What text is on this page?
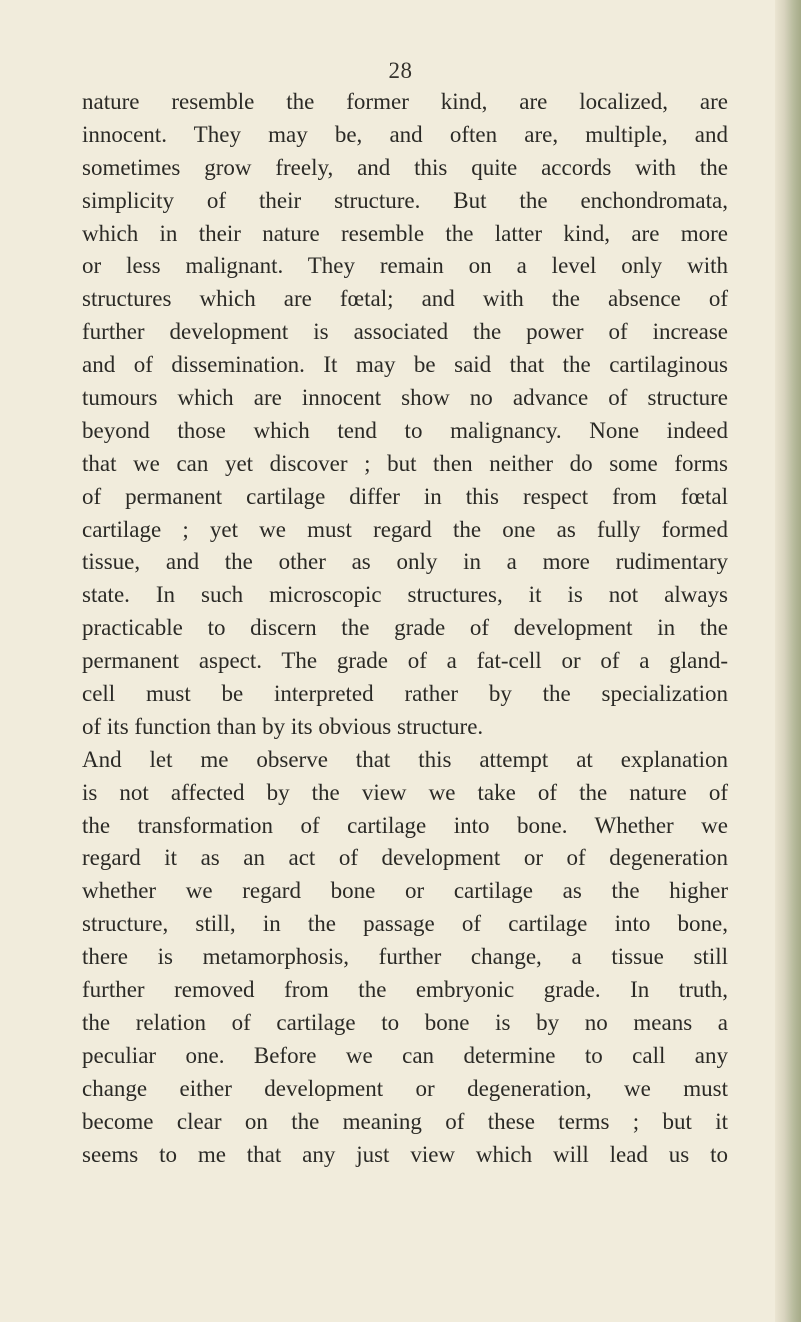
28
nature resemble the former kind, are localized, are
innocent. They may be, and often are, multiple, and
sometimes grow freely, and this quite accords with the
simplicity of their structure. But the enchondromata,
which in their nature resemble the latter kind, are more
or less malignant. They remain on a level only with
structures which are fœtal; and with the absence of
further development is associated the power of increase
and of dissemination. It may be said that the cartilaginous
tumours which are innocent show no advance of structure
beyond those which tend to malignancy. None indeed
that we can yet discover ; but then neither do some forms
of permanent cartilage differ in this respect from fœtal
cartilage ; yet we must regard the one as fully formed
tissue, and the other as only in a more rudimentary
state. In such microscopic structures, it is not always
practicable to discern the grade of development in the
permanent aspect. The grade of a fat-cell or of a gland-
cell must be interpreted rather by the specialization
of its function than by its obvious structure.
And let me observe that this attempt at explanation
is not affected by the view we take of the nature of
the transformation of cartilage into bone. Whether we
regard it as an act of development or of degeneration
whether we regard bone or cartilage as the higher
structure, still, in the passage of cartilage into bone,
there is metamorphosis, further change, a tissue still
further removed from the embryonic grade. In truth,
the relation of cartilage to bone is by no means a
peculiar one. Before we can determine to call any
change either development or degeneration, we must
become clear on the meaning of these terms ; but it
seems to me that any just view which will lead us to
